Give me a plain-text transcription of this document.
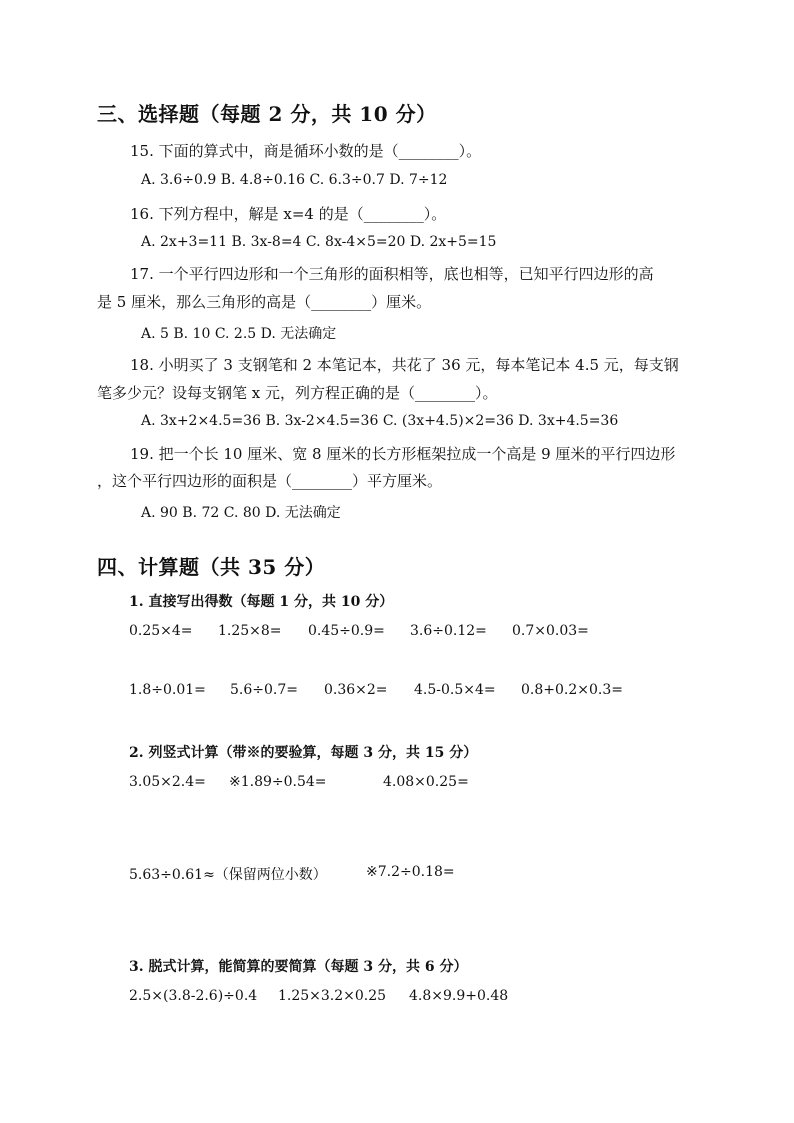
三、选择题（每题 2 分，共 10 分）
15. 下面的算式中，商是循环小数的是（________）。
A. 3.6÷0.9 B. 4.8÷0.16 C. 6.3÷0.7 D. 7÷12
16. 下列方程中，解是 x=4 的是（________）。
A. 2x+3=11 B. 3x-8=4 C. 8x-4×5=20 D. 2x+5=15
17. 一个平行四边形和一个三角形的面积相等，底也相等，已知平行四边形的高
是 5 厘米，那么三角形的高是（________）厘米。
A. 5 B. 10 C. 2.5 D. 无法确定
18. 小明买了 3 支钢笔和 2 本笔记本，共花了 36 元，每本笔记本 4.5 元，每支钢
笔多少元？设每支钢笔 x 元，列方程正确的是（________）。
A. 3x+2×4.5=36 B. 3x-2×4.5=36 C. (3x+4.5)×2=36 D. 3x+4.5=36
19. 把一个长 10 厘米、宽 8 厘米的长方形框架拉成一个高是 9 厘米的平行四边形
，这个平行四边形的面积是（________）平方厘米。
A. 90 B. 72 C. 80 D. 无法确定
四、计算题（共 35 分）
1. 直接写出得数（每题 1 分，共 10 分）
0.25×4= 1.25×8= 0.45÷0.9= 3.6÷0.12= 0.7×0.03=
1.8÷0.01= 5.6÷0.7= 0.36×2= 4.5-0.5×4= 0.8+0.2×0.3=
2. 列竖式计算（带※的要验算，每题 3 分，共 15 分）
3.05×2.4= ※1.89÷0.54=	4.08×0.25=
5.63÷0.61≈（保留两位小数）	※7.2÷0.18=
3. 脱式计算，能简算的要简算（每题 3 分，共 6 分）
2.5×(3.8-2.6)÷0.4 1.25×3.2×0.25 4.8×9.9+0.48
